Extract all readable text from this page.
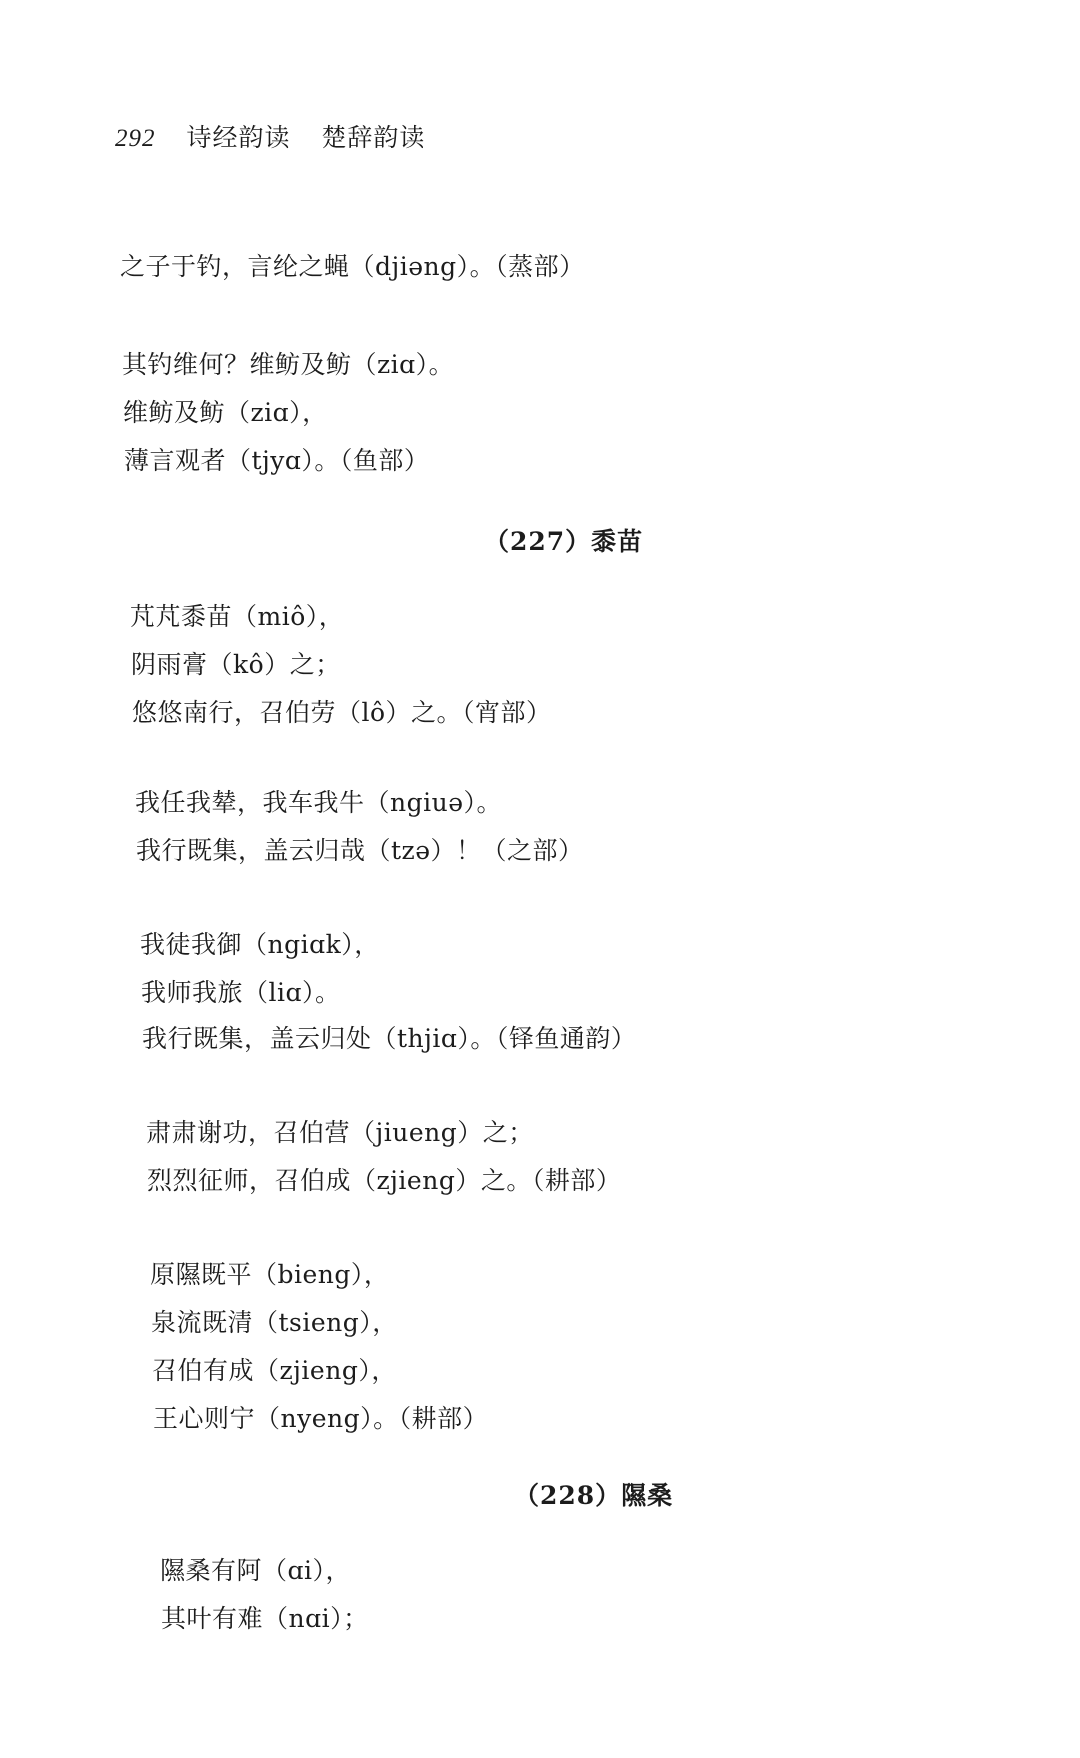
292 诗经韵读 楚辞韵读
之子于钓，言纶之蝇（djiəng）。（蒸部）
其钓维何？维鲂及鲂（ziɑ）。
维鲂及鲂（ziɑ），
薄言观者（tjyɑ）。（鱼部）
（227）黍苗
芃芃黍苗（miô），
阴雨膏（kô）之；
悠悠南行，召伯劳（lô）之。（宵部）
我任我辇，我车我牛（ngiuə）。
我行既集，盖云归哉（tzə）！（之部）
我徒我御（ngiɑk），
我师我旅（liɑ）。
我行既集，盖云归处（thjiɑ）。（铎鱼通韵）
肃肃谢功，召伯营（jiueng）之；
烈烈征师，召伯成（zjieng）之。（耕部）
原隰既平（bieng），
泉流既清（tsieng），
召伯有成（zjieng），
王心则宁（nyeng）。（耕部）
（228）隰桑
隰桑有阿（ɑi），
其叶有难（nɑi）；
